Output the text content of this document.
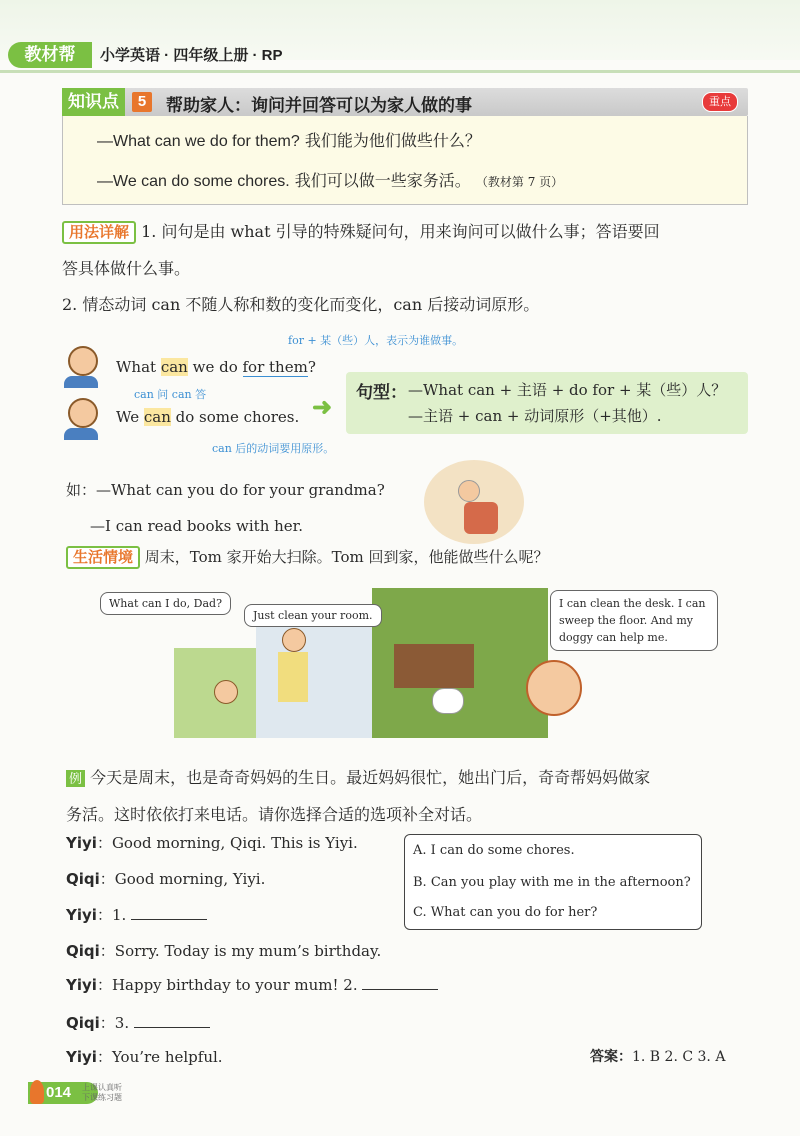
教材帮	小学英语 · 四年级上册 · RP
知识点	5	帮助家人：询问并回答可以为家人做的事	重点
—What can we do for them? 我们能为他们做些什么？
—We can do some chores. 我们可以做一些家务活。 （教材第 7 页）
用法详解 1. 问句是由 what 引导的特殊疑问句，用来询问可以做什么事；答语要回
答具体做什么事。
2. 情态动词 can 不随人称和数的变化而变化，can 后接动词原形。
for + 某（些）人，表示为谁做事。
What can we do for them?
can 问 can 答
We can do some chores.
can 后的动词要用原形。
➜ 句型： —What can + 主语 + do for + 某（些）人？
—主语 + can + 动词原形（+其他）.
如：—What can you do for your grandma?
—I can read books with her.
生活情境 周末，Tom 家开始大扫除。Tom 回到家，他能做些什么呢？
What can I do, Dad?
Just clean your room.
I can clean the desk. I can sweep the floor. And my doggy can help me.
例 今天是周末，也是奇奇妈妈的生日。最近妈妈很忙，她出门后，奇奇帮妈妈做家
务活。这时依依打来电话。请你选择合适的选项补全对话。
Yiyi：Good morning, Qiqi. This is Yiyi.
Qiqi：Good morning, Yiyi.
Yiyi：1.
Qiqi：Sorry. Today is my mum’s birthday.
Yiyi：Happy birthday to your mum! 2.
Qiqi：3.
Yiyi：You’re helpful.
A. I can do some chores.
B. Can you play with me in the afternoon?
C. What can you do for her?
答案：1. B 2. C 3. A
014	上课认真听
下课练习题
